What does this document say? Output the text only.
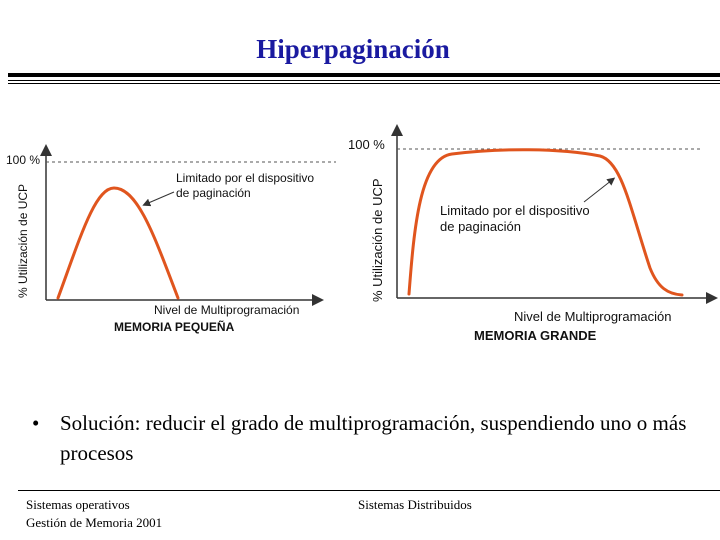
Hiperpaginación
100 %
% Utilización de UCP
Nivel de Multiprogramación
MEMORIA PEQUEÑA
Limitado por el dispositivo
de paginación
100 %
% Utilización de UCP
Nivel de Multiprogramación
MEMORIA GRANDE
Limitado por el dispositivo
de paginación
• Solución: reducir el grado de multiprogramación, suspendiendo uno o más procesos
Sistemas operativos
Gestión de Memoria 2001
Sistemas Distribuidos
